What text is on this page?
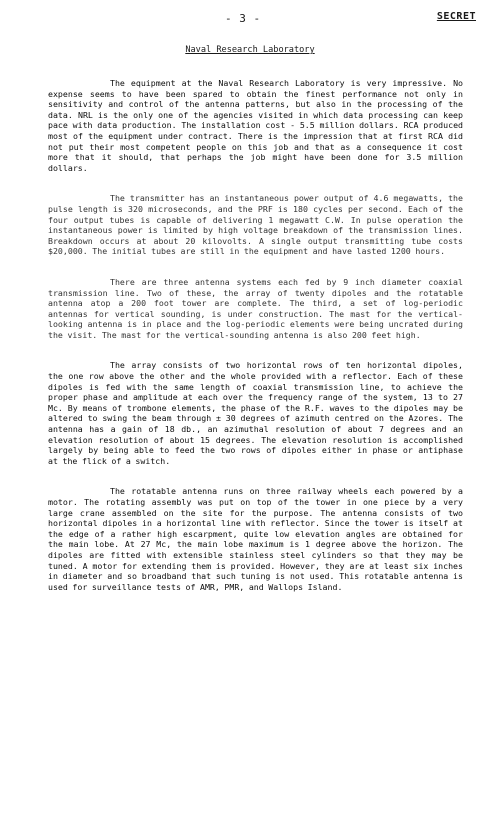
- 3 -	SECRET
Naval Research Laboratory

The equipment at the Naval Research Laboratory is very impressive. No expense seems to have been spared to obtain the finest performance not only in sensitivity and control of the antenna patterns, but also in the processing of the data. NRL is the only one of the agencies visited in which data processing can keep pace with data production. The installation cost - 5.5 million dollars. RCA produced most of the equipment under contract. There is the impression that at first RCA did not put their most competent people on this job and that as a consequence it cost more that it should, that perhaps the job might have been done for 3.5 million dollars.

The transmitter has an instantaneous power output of 4.6 megawatts, the pulse length is 320 microseconds, and the PRF is 180 cycles per second. Each of the four output tubes is capable of delivering 1 megawatt C.W. In pulse operation the instantaneous power is limited by high voltage breakdown of the transmission lines. Breakdown occurs at about 20 kilovolts. A single output transmitting tube costs $20,000. The initial tubes are still in the equipment and have lasted 1200 hours.

There are three antenna systems each fed by 9 inch diameter coaxial transmission line. Two of these, the array of twenty dipoles and the rotatable antenna atop a 200 foot tower are complete. The third, a set of log-periodic antennas for vertical sounding, is under construction. The mast for the vertical-looking antenna is in place and the log-periodic elements were being uncrated during the visit. The mast for the vertical-sounding antenna is also 200 feet high.

The array consists of two horizontal rows of ten horizontal dipoles, the one row above the other and the whole provided with a reflector. Each of these dipoles is fed with the same length of coaxial transmission line, to achieve the proper phase and amplitude at each over the frequency range of the system, 13 to 27 Mc. By means of trombone elements, the phase of the R.F. waves to the dipoles may be altered to swing the beam through ± 30 degrees of azimuth centred on the Azores. The antenna has a gain of 18 db., an azimuthal resolution of about 7 degrees and an elevation resolution of about 15 degrees. The elevation resolution is accomplished largely by being able to feed the two rows of dipoles either in phase or antiphase at the flick of a switch.

The rotatable antenna runs on three railway wheels each powered by a motor. The rotating assembly was put on top of the tower in one piece by a very large crane assembled on the site for the purpose. The antenna consists of two horizontal dipoles in a horizontal line with reflector. Since the tower is itself at the edge of a rather high escarpment, quite low elevation angles are obtained for the main lobe. At 27 Mc, the main lobe maximum is 1 degree above the horizon. The dipoles are fitted with extensible stainless steel cylinders so that they may be tuned. A motor for extending them is provided. However, they are at least six inches in diameter and so broadband that such tuning is not used. This rotatable antenna is used for surveillance tests of AMR, PMR, and Wallops Island.
